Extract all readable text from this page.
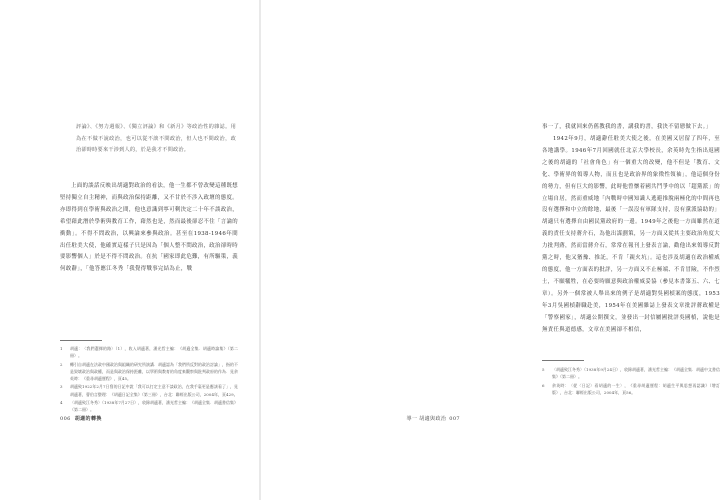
評論》、《努力週報》、《獨立評論》和《新月》等政治性的雜誌。用為在不做不說政治，也可以從不談不問政治，但人也不問政治，政治卻時時要來干涉到人的，於是我才不問政治。

上面的談話反映出胡適對政治的看法，他一生都不曾改變這種既想堅持獨立自主精神，而與政治保持距離，又不甘於不涉入政壇的態度。亦即得到在學術與政治之間，他也意識到寧可剩決定二十年不談政治，希望藉此潛於學術與教育工作，藉然也是，然而最後卻忍不住「言論的衝動」。不得不問政治，以興論來參與政治。甚至在1938-1946年間出任駐美大使，他確實這樣子只是因為「個人整不問政治，政治卻時時要影響個人」於是不得不問政治。在抗「國家即此危難，有所驅策，義何敢辭」，「他答應江冬秀「我覺得戰事完結為止，戰

1	胡適：〈我們選擇的路〉（1），收入胡適著，潘光哲主編：《胡適全集．胡適時論集》（第二冊）。
2	轉引自胡適在法政中國政治與組織的研究所演講．胡適認為「我們所反對的政治討論」，指的不是毀壞政治與政權，而是與政治保持距離，以學術與教育的角度來觀察與批判政府的作為．見余英時：《重尋胡適歷程》，頁45。
3	胡適致1922年2月7日寫的日記中說「我可以打定主意不談政治，在我手裏更是應該看了」，見胡適著，曹伯言整理：《胡適日記全集》（第三冊），台北：聯經出版公司，2004年，頁429。
4	〈胡適致江冬秀〉（1938年7月27日），收錄胡適著，潘光哲主編：《胡適全集．胡適書信集》（第二冊）。
006 胡適的轉換

事一了，我就回來仍舊教我的書，講我的書，我決不留戀做下去。」

1942年9月，胡適辭任駐美大使之後，在美國又居留了四年，至各地講學。1946年7月回國就任北京大學校長，余英時先生指出返國之後的胡適的「社會角色」有一個重大的改變，他不但是「教育、文化、學術界的領導人物，而且也是政治界的象徵性領袖」，他這個身份的勢力，但有巨大的影響，此時他曾懷着國共鬥爭中的以「超黨派」的立場自居，然而重威地「內戰時中國知識人逃避推脫兩極化的中間再也沒有選擇和中立的餘地，最後「一誤沒有軍隊支持，沒有黨派協助的」胡適只有選擇自由國民黨政府的一邊。1949年之後他一方面雖然在道義的責任支持蔣介石，為他出謀劃策，另一方面又從其主要政治角度大力批判蔣，然而當蔣介石，常常在報刊上發表言論，勸他出來領導反對黨之時，他又猶豫、推託，不肯「親火坑」。這也涉及胡適在政治權威的態度，他一方面表的批評，另一方面又不止極端、不肯冒險，不作烈士，不願犧牲，在必要時願意與政治權威妥協（參見本書第五、六、七章）。另外一個常被人舉出來的例子是胡適對吳國楨案的態度，1953年3月吳國楨辭職赴美，1954年在美國雜誌上發表文章批評蔣政權是「警察國家」，胡適公開撰文，並發出一封信屬國批評吳國楨，說他是無責任與道德感，文章在美國卻不相信，

5	〈胡適致江冬秀〉（1938年9月24日），收錄胡適著，潘光哲主編：《胡適全集．胡適中文書信集》（第二冊）。
6	余英時：〈從〈日記〉看胡適的一生〉，《重尋胡適歷程：胡適生平與思想再認識》（增訂版），台北：聯經出版公司，2004年，頁56。
導一 胡適與政治 007
